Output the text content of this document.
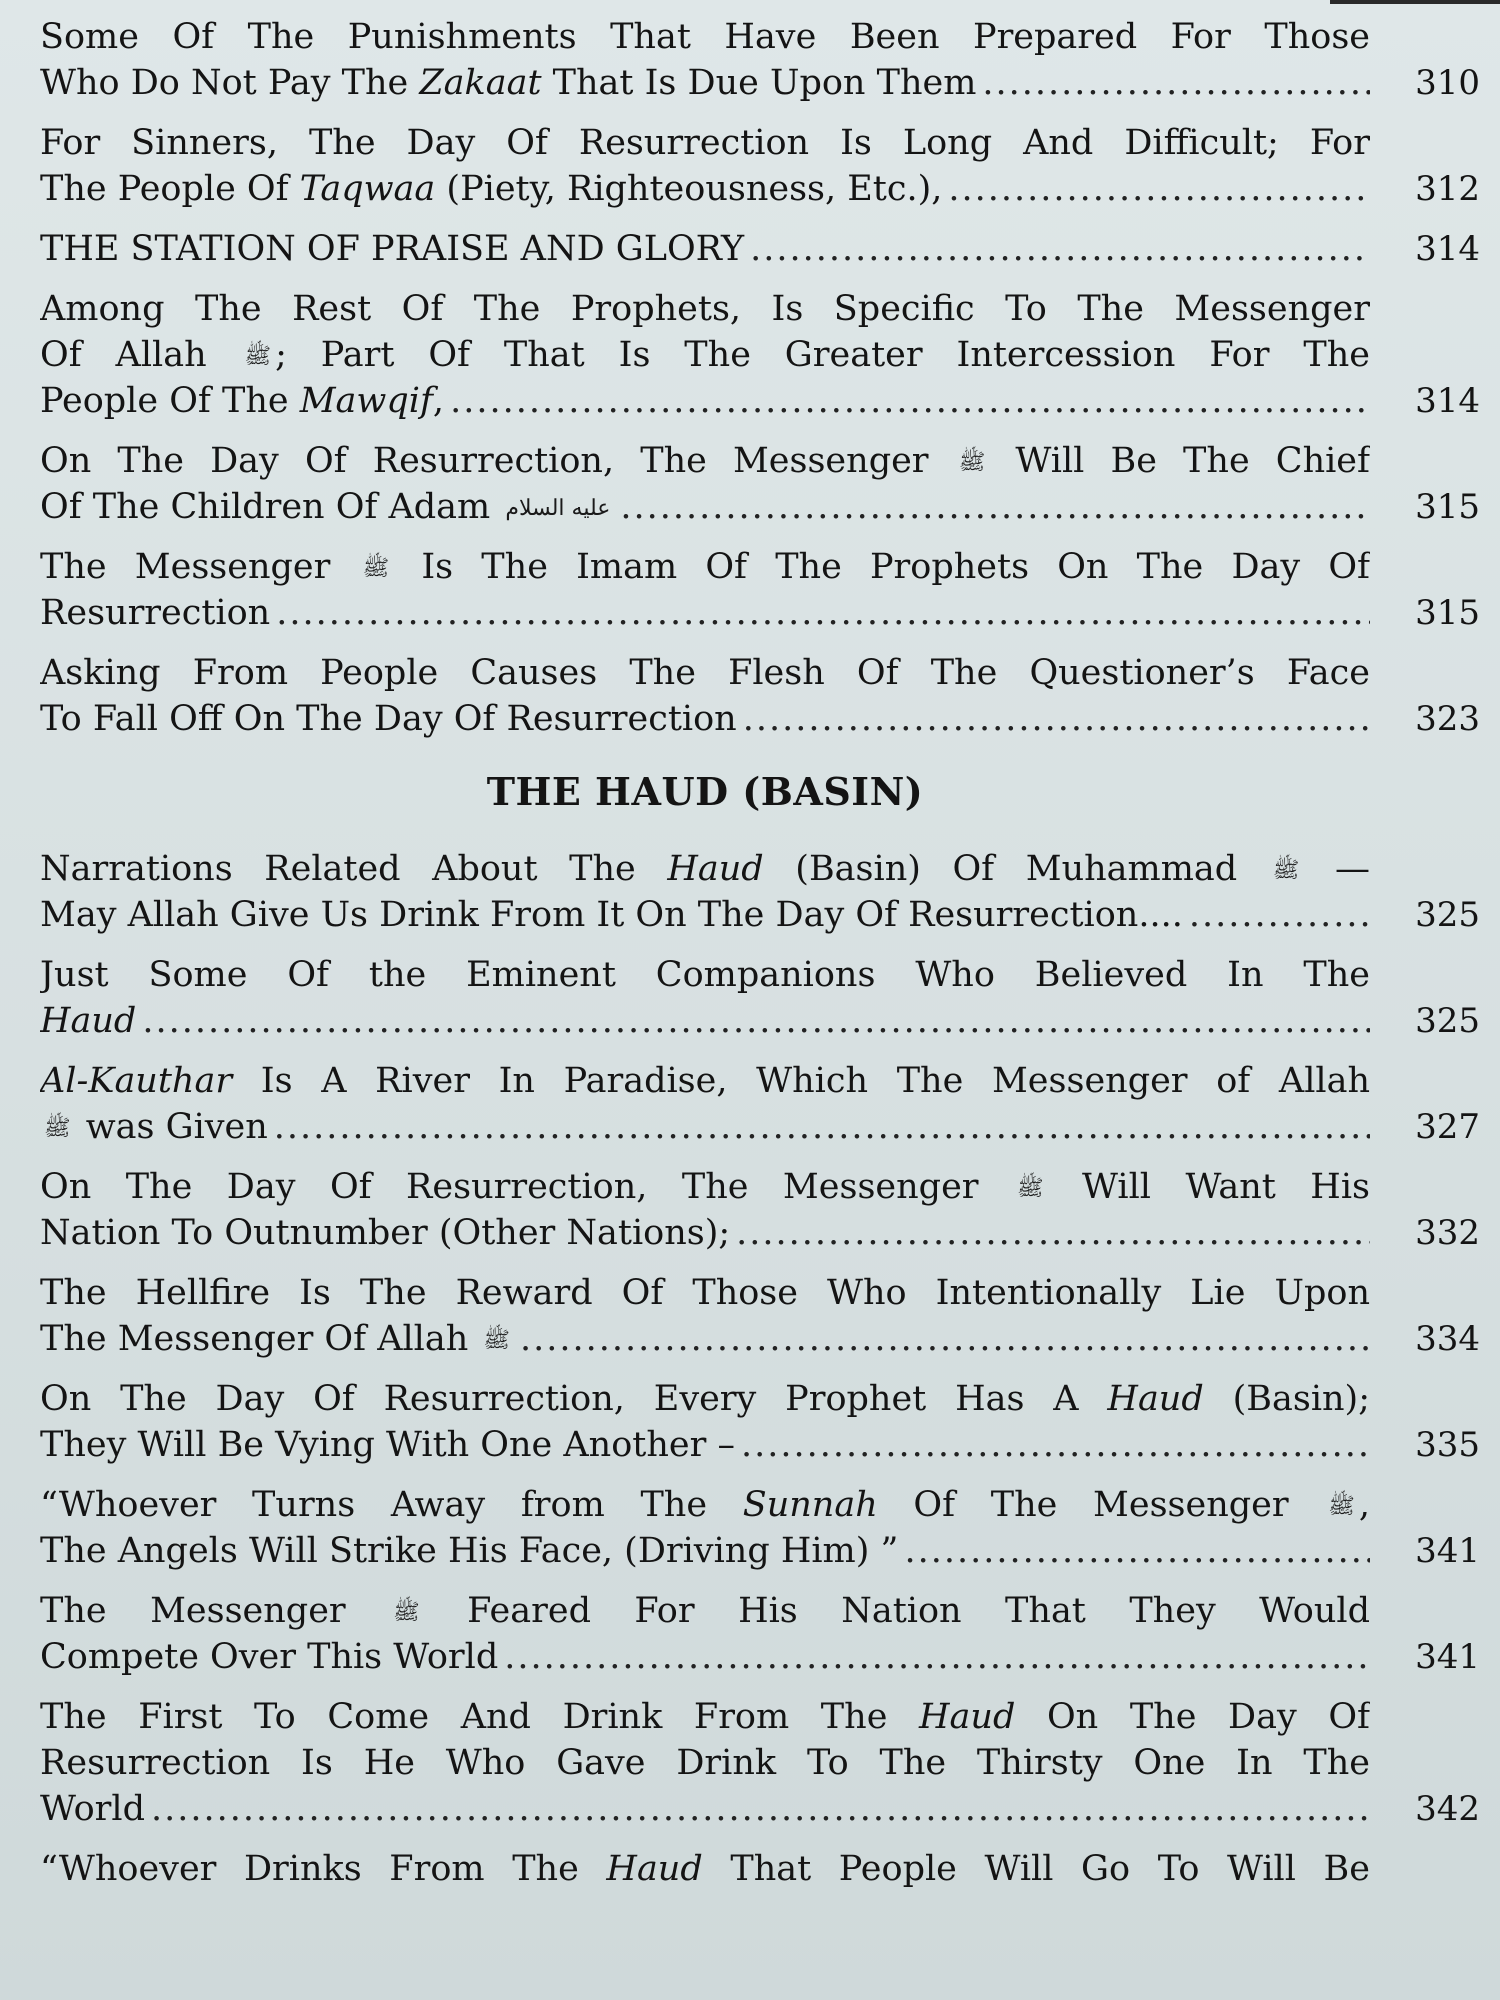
Some Of The Punishments That Have Been Prepared For Those
Who Do Not Pay The Zakaat That Is Due Upon Them .....	310
For Sinners, The Day Of Resurrection Is Long And Difficult; For
The People Of Taqwaa (Piety, Righteousness, Etc.), .....	312
THE STATION OF PRAISE AND GLORY .....	314
Among The Rest Of The Prophets, Is Specific To The Messenger
Of Allah ﷺ ; Part Of That Is The Greater Intercession For The
People Of The Mawqif, .....	314
On The Day Of Resurrection, The Messenger ﷺ Will Be The Chief
Of The Children Of Adam عليه السلام .....	315
The Messenger ﷺ Is The Imam Of The Prophets On The Day Of
Resurrection .....	315
Asking From People Causes The Flesh Of The Questioner’s Face
To Fall Off On The Day Of Resurrection .....	323
THE HAUD (BASIN)
Narrations Related About The Haud (Basin) Of Muhammad ﷺ —
May Allah Give Us Drink From It On The Day Of Resurrection.... .....	325
Just Some Of the Eminent Companions Who Believed In The
Haud .....	325
Al-Kauthar Is A River In Paradise, Which The Messenger of Allah
ﷺ was Given .....	327
On The Day Of Resurrection, The Messenger ﷺ Will Want His
Nation To Outnumber (Other Nations); .....	332
The Hellfire Is The Reward Of Those Who Intentionally Lie Upon
The Messenger Of Allah ﷺ .....	334
On The Day Of Resurrection, Every Prophet Has A Haud (Basin);
They Will Be Vying With One Another – .....	335
“Whoever Turns Away from The Sunnah Of The Messenger ﷺ ,
The Angels Will Strike His Face, (Driving Him) ” .....	341
The Messenger ﷺ Feared For His Nation That They Would
Compete Over This World .....	341
The First To Come And Drink From The Haud On The Day Of
Resurrection Is He Who Gave Drink To The Thirsty One In The
World .....	342
“Whoever Drinks From The Haud That People Will Go To Will Be
